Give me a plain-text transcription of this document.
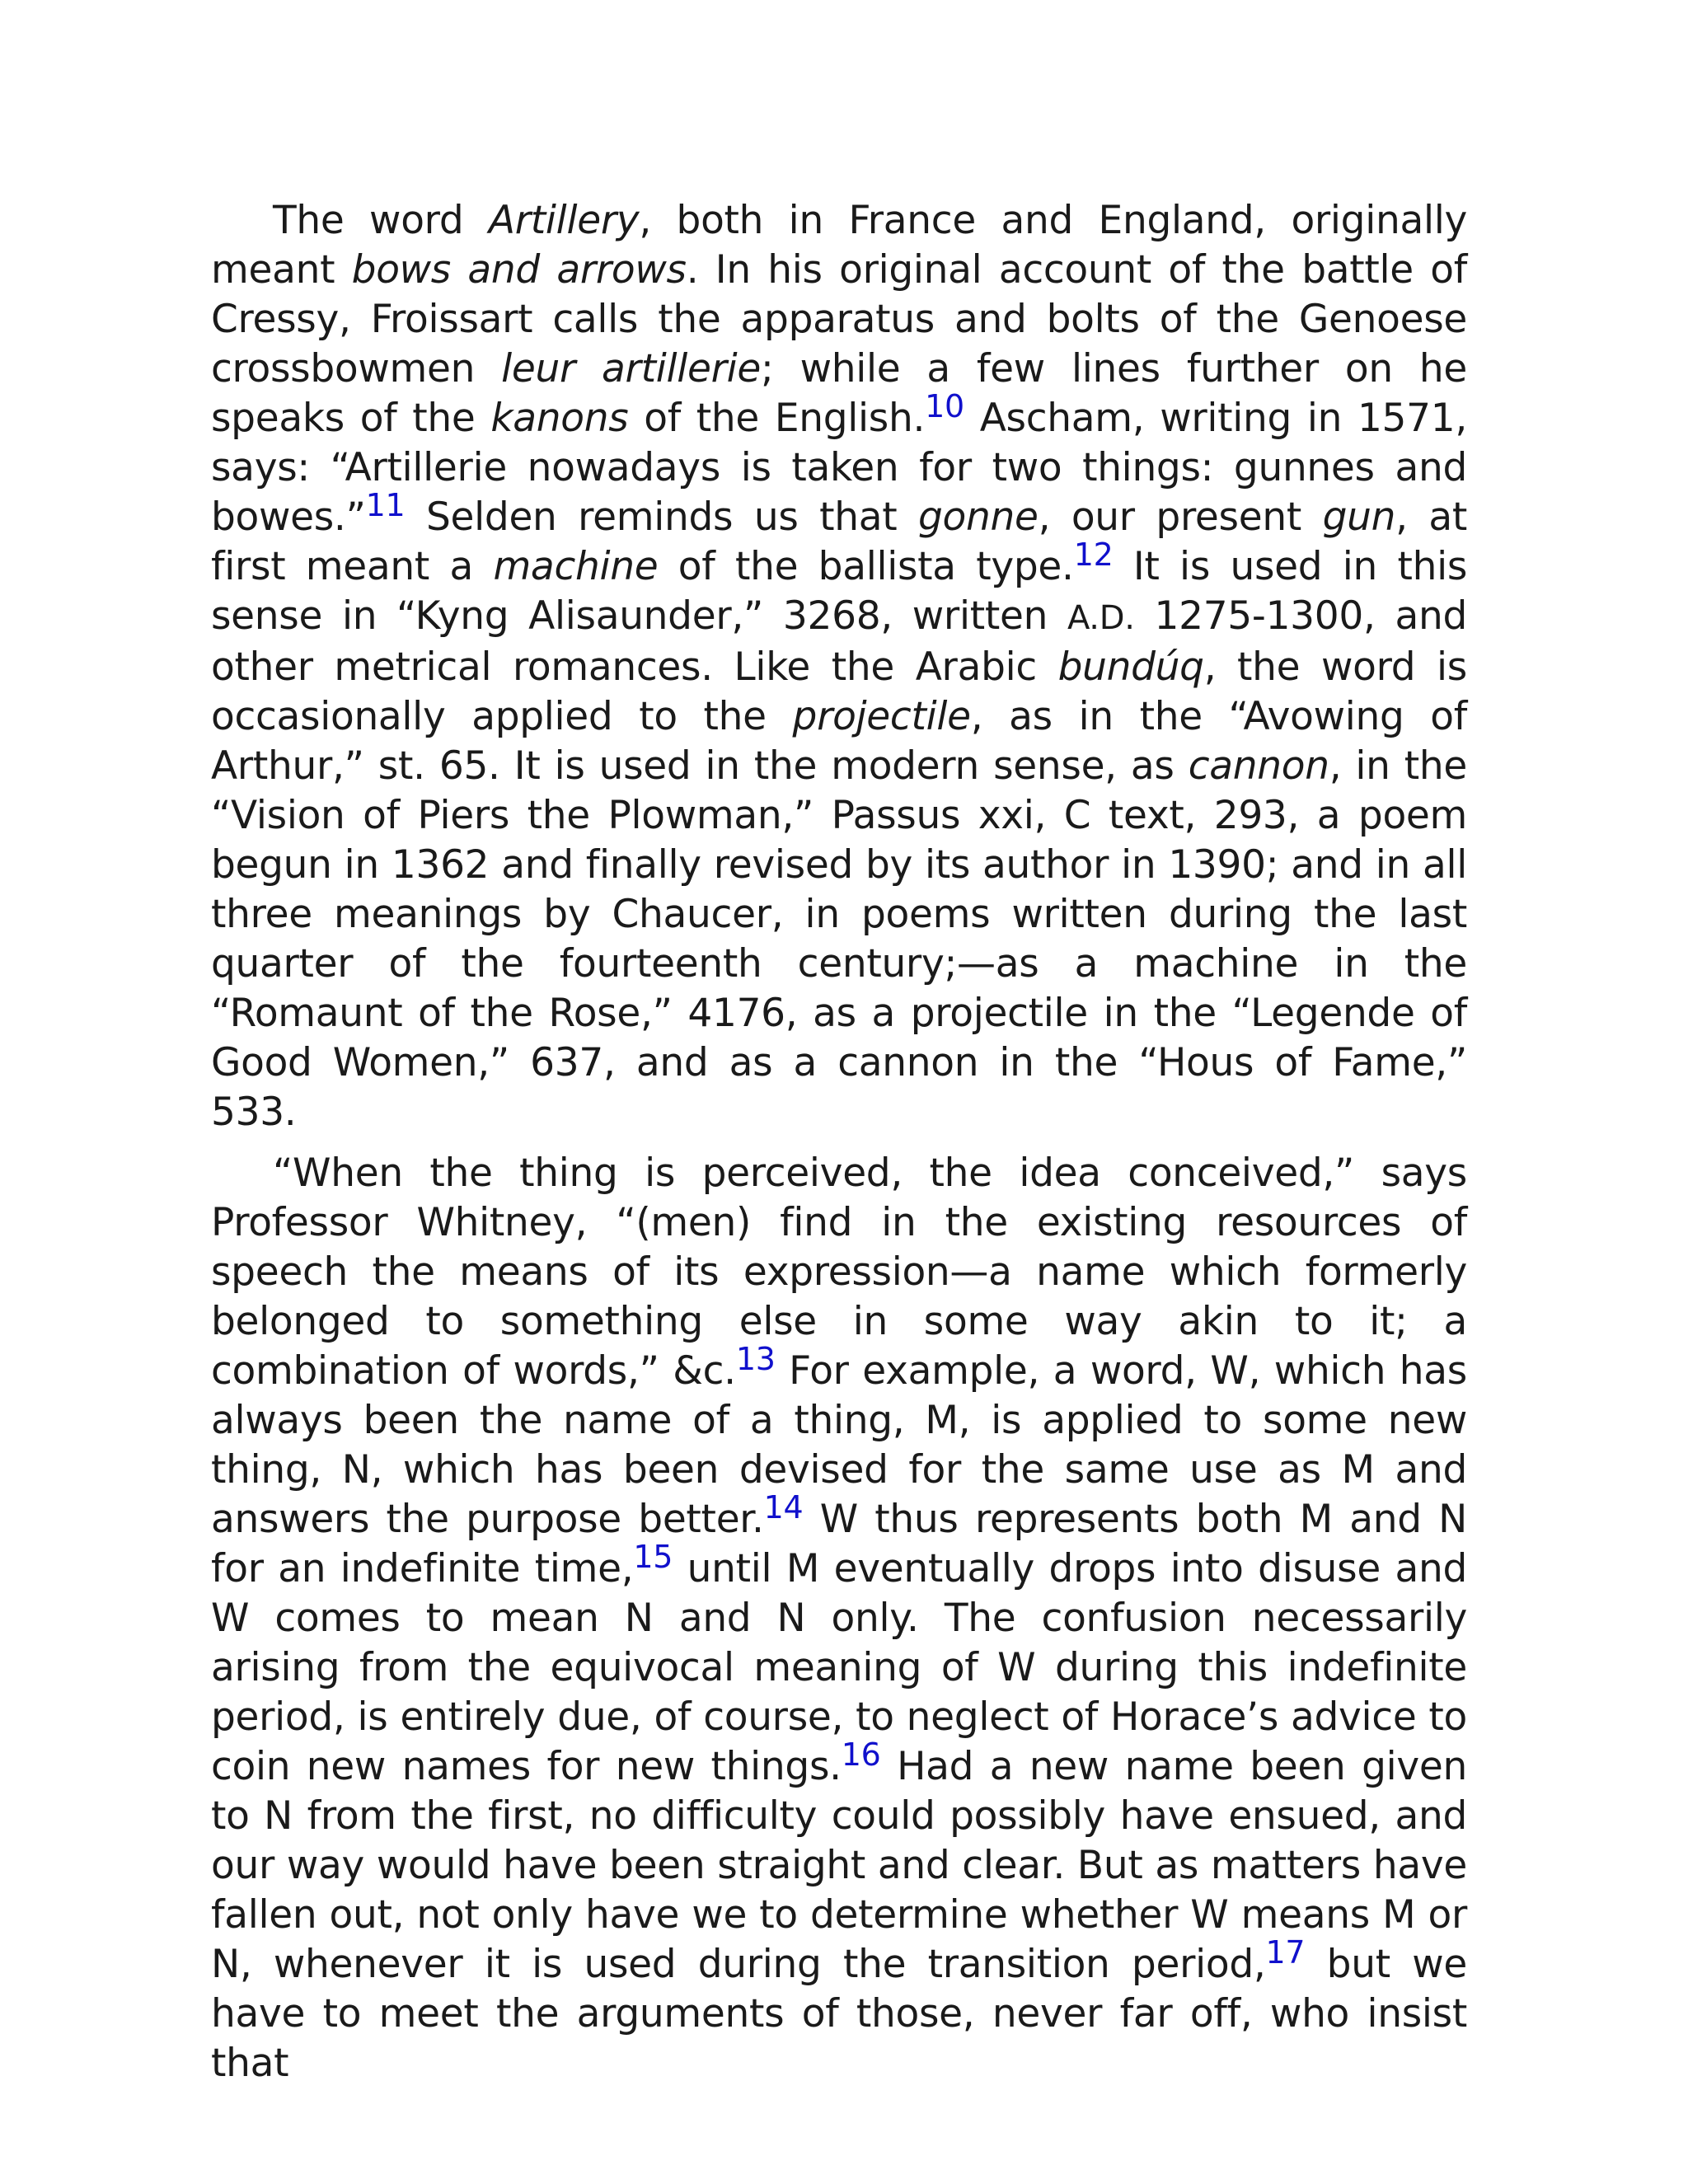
The word Artillery, both in France and England, originally meant bows and arrows. In his original account of the battle of Cressy, Froissart calls the apparatus and bolts of the Genoese crossbowmen leur artillerie; while a few lines further on he speaks of the kanons of the English.$^{10}$ Ascham, writing in 1571, says: “Artillerie nowadays is taken for two things: gunnes and bowes.”$^{11}$ Selden reminds us that gonne, our present gun, at first meant a machine of the ballista type.$^{12}$ It is used in this sense in “Kyng Alisaunder,” 3268, written A.D. 1275-1300, and other metrical romances. Like the Arabic bundúq, the word is occasionally applied to the projectile, as in the “Avowing of Arthur,” st. 65. It is used in the modern sense, as cannon, in the “Vision of Piers the Plowman,” Passus xxi, C text, 293, a poem begun in 1362 and finally revised by its author in 1390; and in all three meanings by Chaucer, in poems written during the last quarter of the fourteenth century;—as a machine in the “Romaunt of the Rose,” 4176, as a projectile in the “Legende of Good Women,” 637, and as a cannon in the “Hous of Fame,” 533.

“When the thing is perceived, the idea conceived,” says Professor Whitney, “(men) find in the existing resources of speech the means of its expression—a name which formerly belonged to something else in some way akin to it; a combination of words,” &c.$^{13}$ For example, a word, W, which has always been the name of a thing, M, is applied to some new thing, N, which has been devised for the same use as M and answers the purpose better.$^{14}$ W thus represents both M and N for an indefinite time,$^{15}$ until M eventually drops into disuse and W comes to mean N and N only. The confusion necessarily arising from the equivocal meaning of W during this indefinite period, is entirely due, of course, to neglect of Horace’s advice to coin new names for new things.$^{16}$ Had a new name been given to N from the first, no difficulty could possibly have ensued, and our way would have been straight and clear. But as matters have fallen out, not only have we to determine whether W means M or N, whenever it is used during the transition period,$^{17}$ but we have to meet the arguments of those, never far off, who insist that
